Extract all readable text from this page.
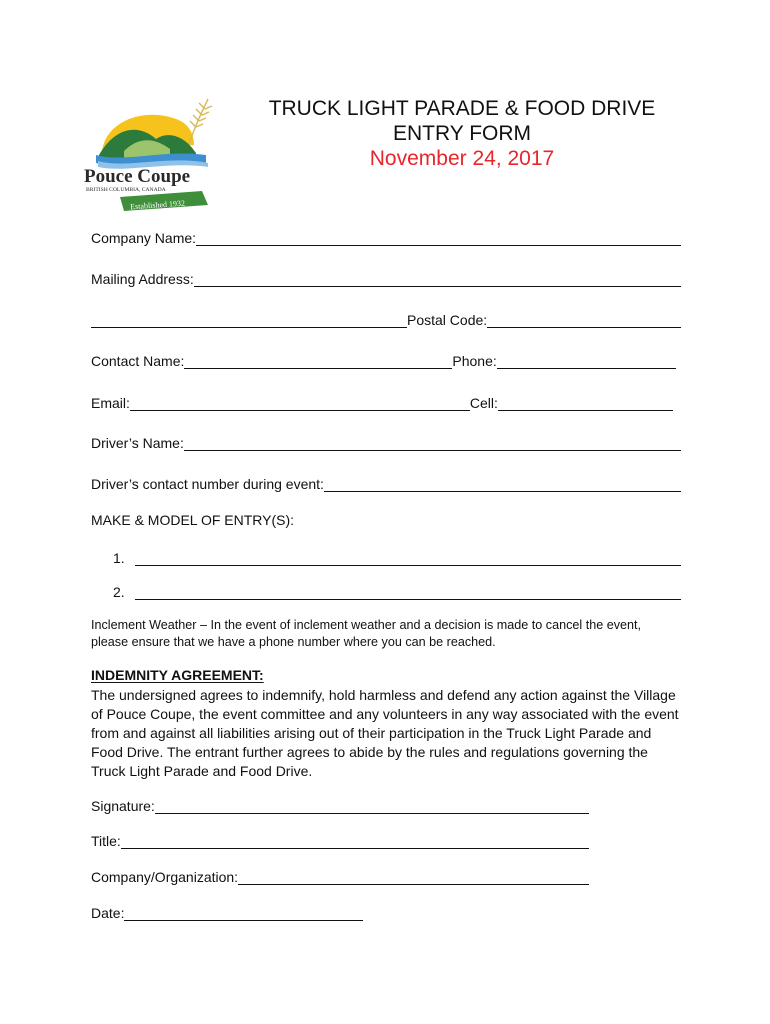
Pouce Coupe
BRITISH COLUMBIA, CANADA
Established 1932
TRUCK LIGHT PARADE & FOOD DRIVE
ENTRY FORM
November 24, 2017
Company Name:
Mailing Address:
Postal Code:
Contact Name:	Phone:
Email:	Cell:
Driver’s Name:
Driver’s contact number during event:
MAKE & MODEL OF ENTRY(S):
1.
2.
Inclement Weather – In the event of inclement weather and a decision is made to cancel the event, please ensure that we have a phone number where you can be reached.
INDEMNITY AGREEMENT:
The undersigned agrees to indemnify, hold harmless and defend any action against the Village of Pouce Coupe, the event committee and any volunteers in any way associated with the event from and against all liabilities arising out of their participation in the Truck Light Parade and Food Drive. The entrant further agrees to abide by the rules and regulations governing the Truck Light Parade and Food Drive.
Signature:
Title:
Company/Organization:
Date:
